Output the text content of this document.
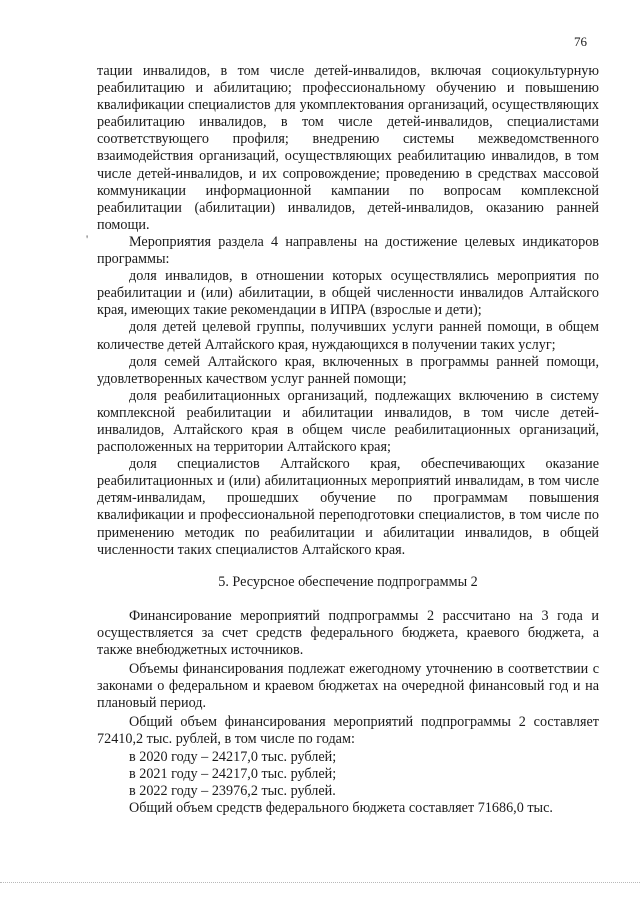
76
'

тации инвалидов, в том числе детей-инвалидов, включая социокультурную реабилитацию и абилитацию; профессиональному обучению и повышению квалификации специалистов для укомплектования организаций, осуществляющих реабилитацию инвалидов, в том числе детей-инвалидов, специалистами соответствующего профиля; внедрению системы межведомственного взаимодействия организаций, осуществляющих реабилитацию инвалидов, в том числе детей-инвалидов, и их сопровождение; проведению в средствах массовой коммуникации информационной кампании по вопросам комплексной реабилитации (абилитации) инвалидов, детей-инвалидов, оказанию ранней помощи.

Мероприятия раздела 4 направлены на достижение целевых индикаторов программы:

доля инвалидов, в отношении которых осуществлялись мероприятия по реабилитации и (или) абилитации, в общей численности инвалидов Алтайского края, имеющих такие рекомендации в ИПРА (взрослые и дети);

доля детей целевой группы, получивших услуги ранней помощи, в общем количестве детей Алтайского края, нуждающихся в получении таких услуг;

доля семей Алтайского края, включенных в программы ранней помощи, удовлетворенных качеством услуг ранней помощи;

доля реабилитационных организаций, подлежащих включению в систему комплексной реабилитации и абилитации инвалидов, в том числе детей-инвалидов, Алтайского края в общем числе реабилитационных организаций, расположенных на территории Алтайского края;

доля специалистов Алтайского края, обеспечивающих оказание реабилитационных и (или) абилитационных мероприятий инвалидам, в том числе детям-инвалидам, прошедших обучение по программам повышения квалификации и профессиональной переподготовки специалистов, в том числе по применению методик по реабилитации и абилитации инвалидов, в общей численности таких специалистов Алтайского края.

5. Ресурсное обеспечение подпрограммы 2

Финансирование мероприятий подпрограммы 2 рассчитано на 3 года и осуществляется за счет средств федерального бюджета, краевого бюджета, а также внебюджетных источников.

Объемы финансирования подлежат ежегодному уточнению в соответствии с законами о федеральном и краевом бюджетах на очередной финансовый год и на плановый период.

Общий объем финансирования мероприятий подпрограммы 2 составляет 72410,2 тыс. рублей, в том числе по годам:

в 2020 году – 24217,0 тыс. рублей;

в 2021 году – 24217,0 тыс. рублей;

в 2022 году – 23976,2 тыс. рублей.

Общий объем средств федерального бюджета составляет 71686,0 тыс.
